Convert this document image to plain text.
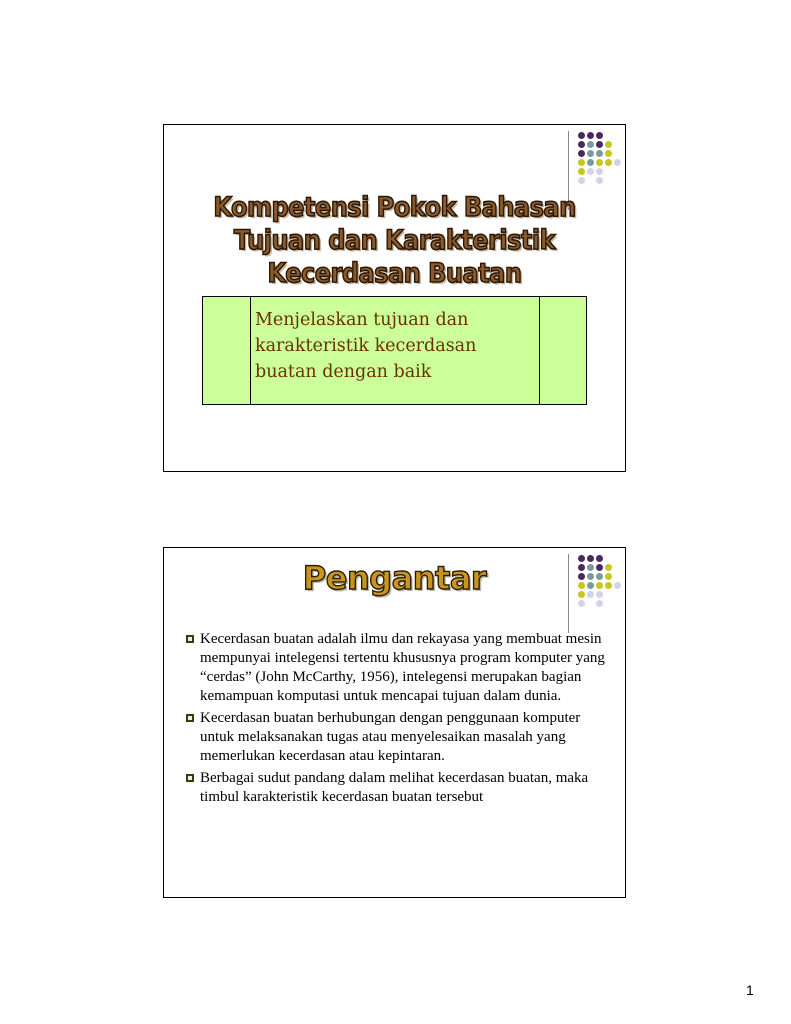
Kompetensi Pokok Bahasan
Tujuan dan Karakteristik Kecerdasan Buatan
Menjelaskan tujuan dan karakteristik kecerdasan buatan dengan baik
Pengantar
Kecerdasan buatan adalah ilmu dan rekayasa yang membuat mesin mempunyai intelegensi tertentu khususnya program komputer yang “cerdas” (John McCarthy, 1956), intelegensi merupakan bagian kemampuan komputasi untuk mencapai tujuan dalam dunia.
Kecerdasan buatan berhubungan dengan penggunaan komputer untuk melaksanakan tugas atau menyelesaikan masalah yang memerlukan kecerdasan atau kepintaran.
Berbagai sudut pandang dalam melihat kecerdasan buatan, maka timbul karakteristik kecerdasan buatan tersebut
1
